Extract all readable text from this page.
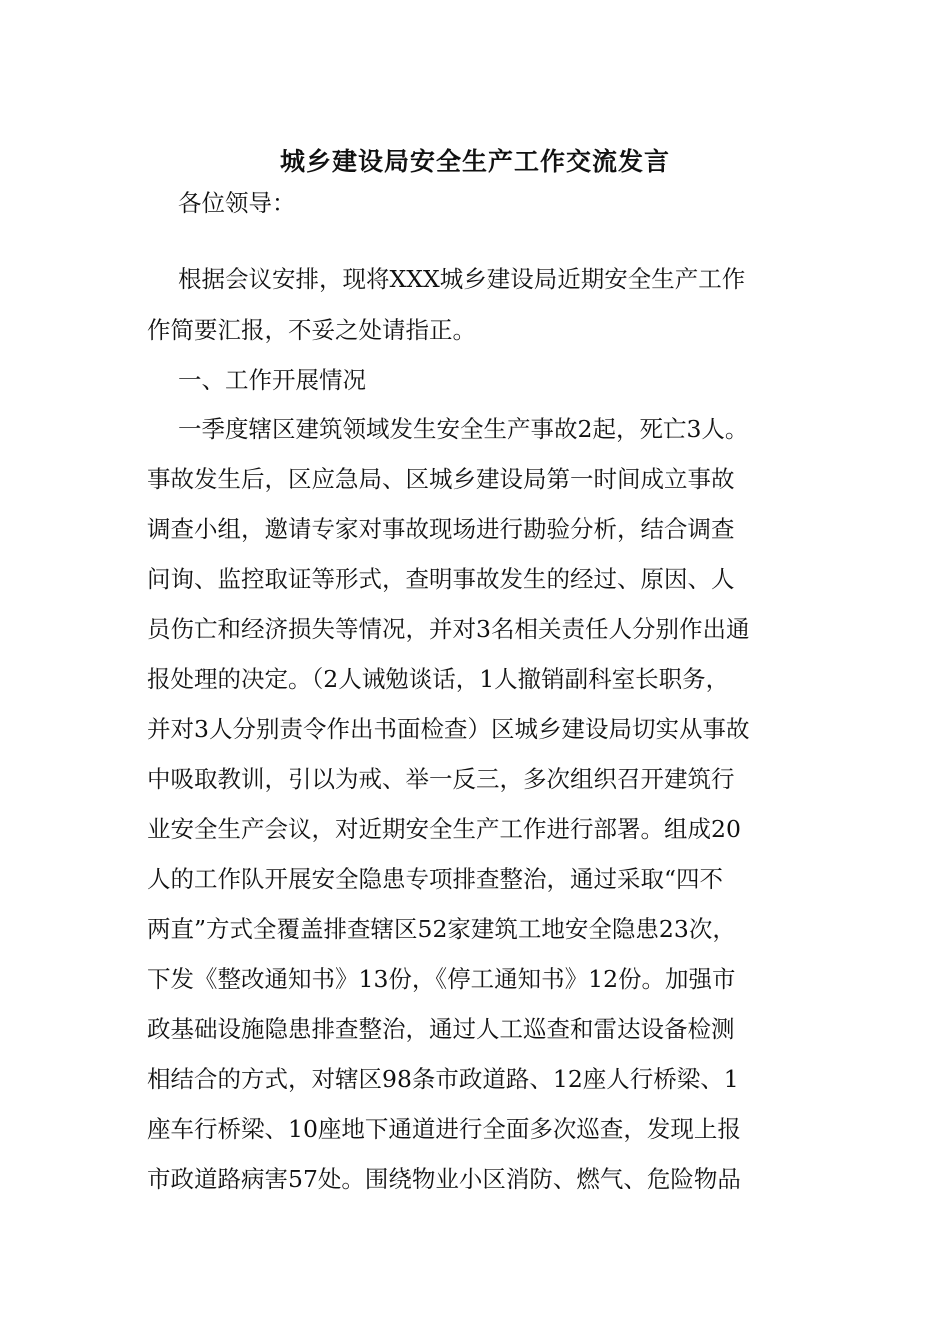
城乡建设局安全生产工作交流发言

各位领导：

根据会议安排，现将XXX城乡建设局近期安全生产工作

作简要汇报，不妥之处请指正。

一、工作开展情况

一季度辖区建筑领域发生安全生产事故2起，死亡3人。

事故发生后，区应急局、区城乡建设局第一时间成立事故

调查小组，邀请专家对事故现场进行勘验分析，结合调查

问询、监控取证等形式，查明事故发生的经过、原因、人

员伤亡和经济损失等情况，并对3名相关责任人分别作出通

报处理的决定。（2人诫勉谈话，1人撤销副科室长职务，

并对3人分别责令作出书面检查）区城乡建设局切实从事故

中吸取教训，引以为戒、举一反三，多次组织召开建筑行

业安全生产会议，对近期安全生产工作进行部署。组成20

人的工作队开展安全隐患专项排查整治，通过采取“四不

两直”方式全覆盖排查辖区52家建筑工地安全隐患23次，

下发《整改通知书》13份，《停工通知书》12份。加强市

政基础设施隐患排查整治，通过人工巡查和雷达设备检测

相结合的方式，对辖区98条市政道路、12座人行桥梁、1

座车行桥梁、10座地下通道进行全面多次巡查，发现上报

市政道路病害57处。围绕物业小区消防、燃气、危险物品
